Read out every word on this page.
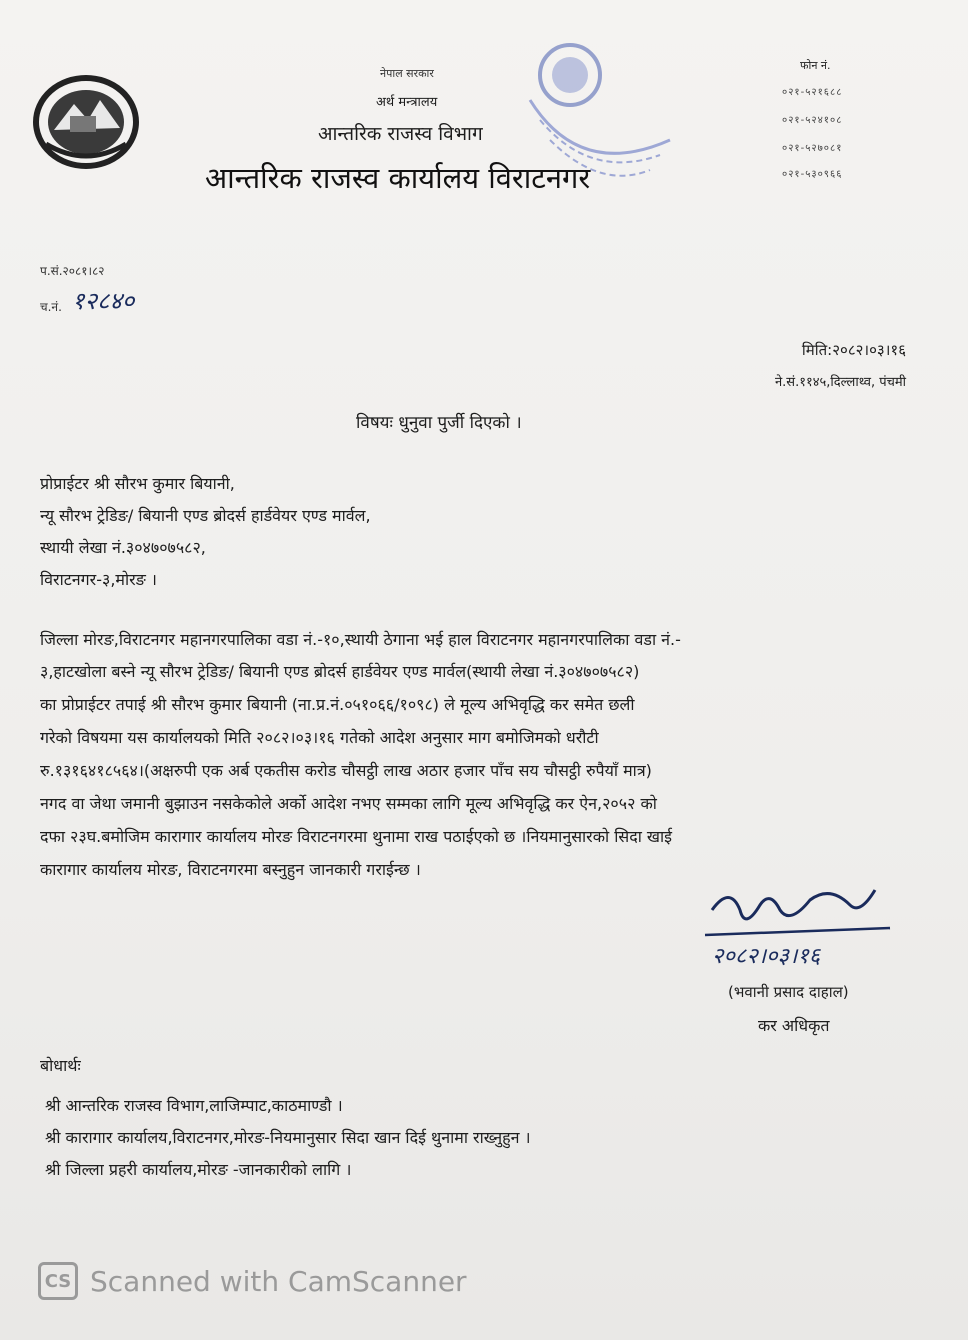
नेपाल सरकार
अर्थ मन्त्रालय
आन्तरिक राजस्व विभाग
आन्तरिक राजस्व कार्यालय विराटनगर
फोन नं.
०२१-५२१६८८
०२१-५२४१०८
०२१-५२७०८१
०२१-५३०९६६
प.सं.२०८१।८२
च.नं. १२८४०
मिति:२०८२।०३।१६
ने.सं.११४५,दिल्लाथ्व, पंचमी
विषयः धुनुवा पुर्जी दिएको ।
प्रोप्राईटर श्री सौरभ कुमार बियानी,
न्यू सौरभ ट्रेडिङ/ बियानी एण्ड ब्रोदर्स हार्डवेयर एण्ड मार्वल,
स्थायी लेखा नं.३०४७०७५८२,
विराटनगर-३,मोरङ ।
जिल्ला मोरङ,विराटनगर महानगरपालिका वडा नं.-१०,स्थायी ठेगाना भई हाल विराटनगर महानगरपालिका वडा नं.-
३,हाटखोला बस्ने न्यू सौरभ ट्रेडिङ/ बियानी एण्ड ब्रोदर्स हार्डवेयर एण्ड मार्वल(स्थायी लेखा नं.३०४७०७५८२)
का प्रोप्राईटर तपाई श्री सौरभ कुमार बियानी (ना.प्र.नं.०५१०६६/१०९८) ले मूल्य अभिवृद्धि कर समेत छली
गरेको विषयमा यस कार्यालयको मिति २०८२।०३।१६ गतेको आदेश अनुसार माग बमोजिमको धरौटी
रु.१३१६४१८५६४।(अक्षरुपी एक अर्ब एकतीस करोड चौसट्ठी लाख अठार हजार पाँच सय चौसट्ठी रुपैयाँ मात्र)
नगद वा जेथा जमानी बुझाउन नसकेकोले अर्को आदेश नभए सम्मका लागि मूल्य अभिवृद्धि कर ऐन,२०५२ को
दफा २३घ.बमोजिम कारागार कार्यालय मोरङ विराटनगरमा थुनामा राख पठाईएको छ ।नियमानुसारको सिदा खाई
कारागार कार्यालय मोरङ, विराटनगरमा बस्नुहुन जानकारी गराईन्छ ।
२०८२।०३।१६
(भवानी प्रसाद दाहाल)
कर अधिकृत
बोधार्थः
श्री आन्तरिक राजस्व विभाग,लाजिम्पाट,काठमाण्डौ ।
श्री कारागार कार्यालय,विराटनगर,मोरङ-नियमानुसार सिदा खान दिई थुनामा राख्नुहुन ।
श्री जिल्ला प्रहरी कार्यालय,मोरङ -जानकारीको लागि ।
CS Scanned with CamScanner
